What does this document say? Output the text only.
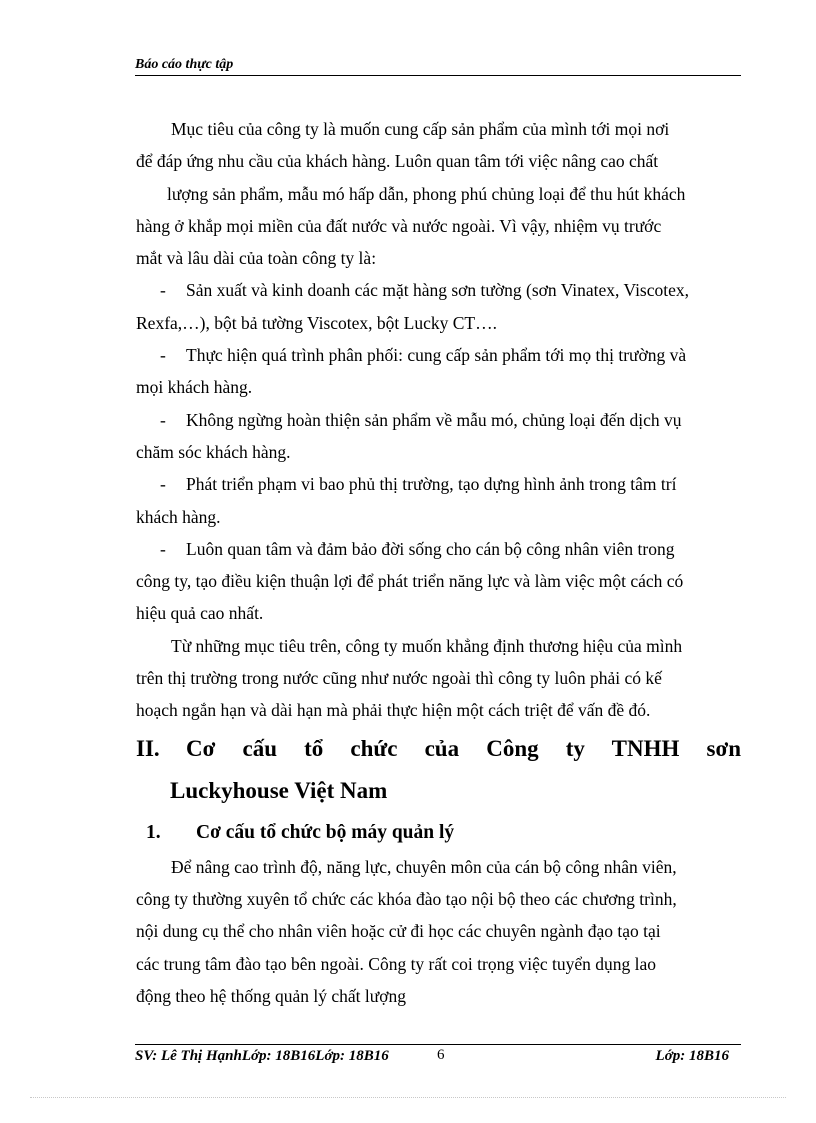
Báo cáo thực tập

Mục tiêu của công ty là muốn cung cấp sản phẩm của mình tới mọi nơi

để đáp ứng nhu cầu của khách hàng. Luôn quan tâm tới việc nâng cao chất

lượng sản phẩm, mẫu mó hấp dẫn, phong phú chủng loại để thu hút khách

hàng ở khắp mọi miền của đất nước và nước ngoài. Vì vậy, nhiệm vụ trước

mắt và lâu dài của toàn công ty là:

- Sản xuất và kinh doanh các mặt hàng sơn tường (sơn Vinatex, Viscotex,

Rexfa,…), bột bả tường Viscotex, bột Lucky CT….

- Thực hiện quá trình phân phối: cung cấp sản phẩm tới mọ thị trường và

mọi khách hàng.

- Không ngừng hoàn thiện sản phẩm về mẫu mó, chủng loại đến dịch vụ

chăm sóc khách hàng.

- Phát triển phạm vi bao phủ thị trường, tạo dựng hình ảnh trong tâm trí

khách hàng.

- Luôn quan tâm và đảm bảo đời sống cho cán bộ công nhân viên trong

công ty, tạo điều kiện thuận lợi để phát triển năng lực và làm việc một cách có

hiệu quả cao nhất.

Từ những mục tiêu trên, công ty muốn khẳng định thương hiệu của mình

trên thị trường trong nước cũng như nước ngoài thì công ty luôn phải có kế

hoạch ngắn hạn và dài hạn mà phải thực hiện một cách triệt để vấn đề đó.

II. Cơ cấu tổ chức của Công ty TNHH sơn

Luckyhouse Việt Nam

1. Cơ cấu tổ chức bộ máy quản lý

Để nâng cao trình độ, năng lực, chuyên môn của cán bộ công nhân viên,

công ty thường xuyên tổ chức các khóa đào tạo nội bộ theo các chương trình,

nội dung cụ thể cho nhân viên hoặc cử đi học các chuyên ngành đạo tạo tại

các trung tâm đào tạo bên ngoài. Công ty rất coi trọng việc tuyển dụng lao

động theo hệ thống quản lý chất lượng

SV: Lê Thị HạnhLớp: 18B16Lớp: 18B16	6	Lớp: 18B16
